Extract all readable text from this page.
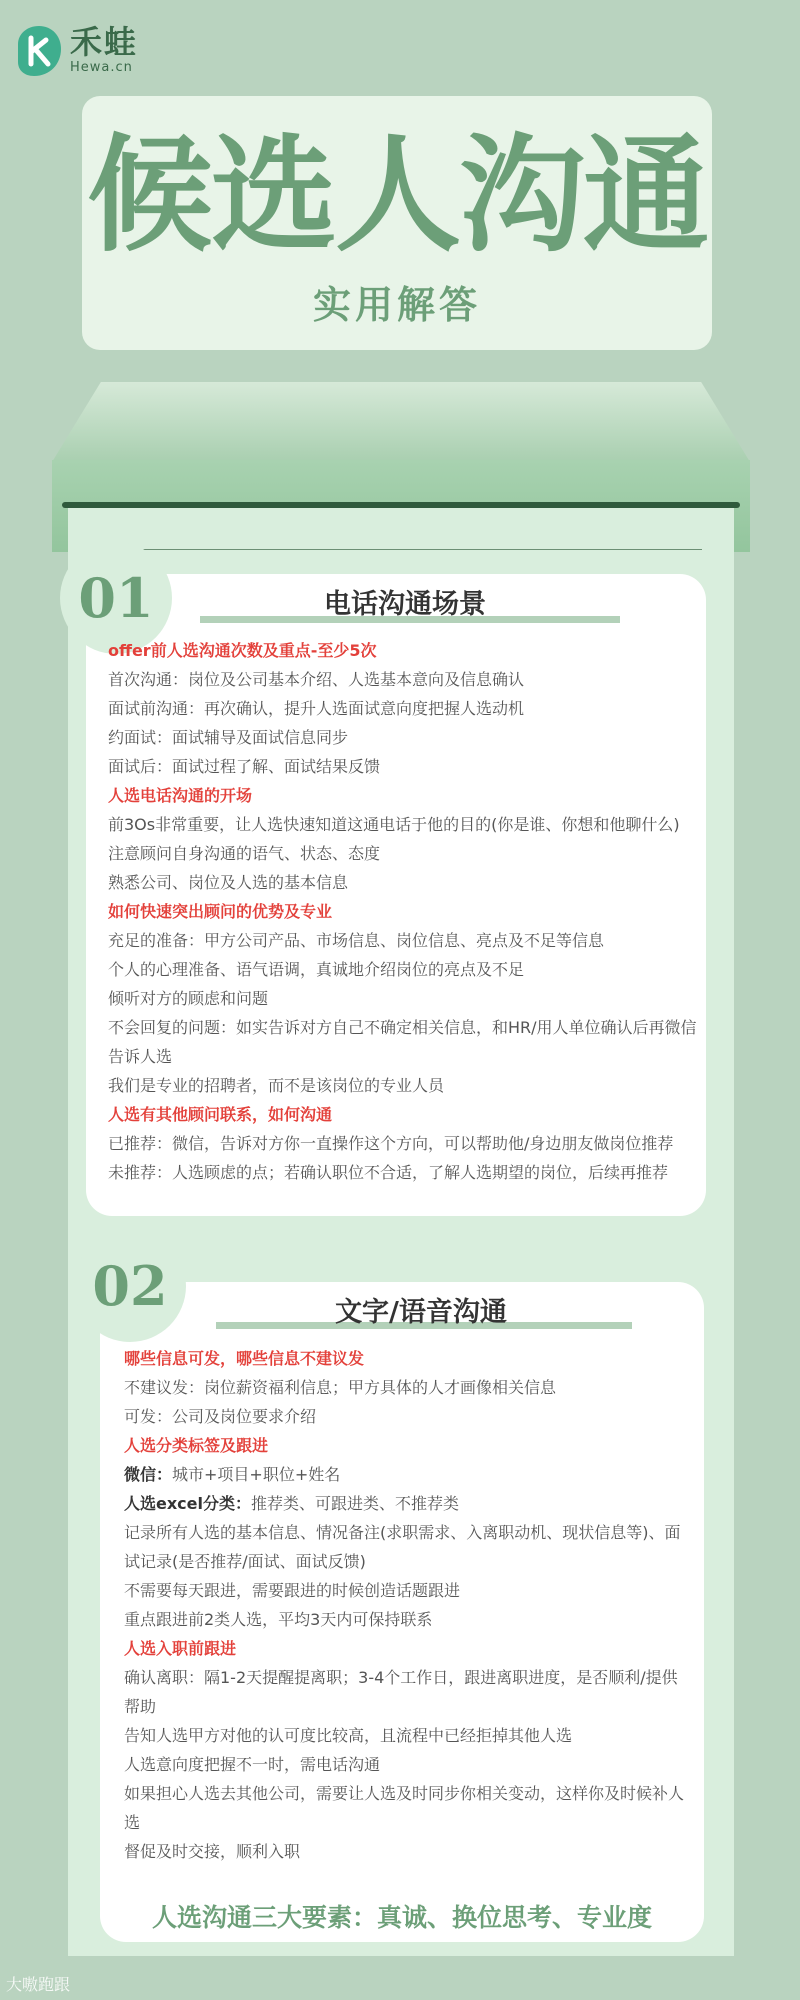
禾蛙
Hewa.cn
候选人沟通
实用解答
01	电话沟通场景
offer前人选沟通次数及重点-至少5次
首次沟通：岗位及公司基本介绍、人选基本意向及信息确认
面试前沟通：再次确认，提升人选面试意向度把握人选动机
约面试：面试辅导及面试信息同步
面试后：面试过程了解、面试结果反馈
人选电话沟通的开场
前3Os非常重要，让人选快速知道这通电话于他的目的(你是谁、你想和他聊什么)
注意顾问自身沟通的语气、状态、态度
熟悉公司、岗位及人选的基本信息
如何快速突出顾问的优势及专业
充足的准备：甲方公司产品、市场信息、岗位信息、亮点及不足等信息
个人的心理准备、语气语调，真诚地介绍岗位的亮点及不足
倾听对方的顾虑和问题
不会回复的问题：如实告诉对方自己不确定相关信息，和HR/用人单位确认后再微信告诉人选
我们是专业的招聘者，而不是该岗位的专业人员
人选有其他顾问联系，如何沟通
已推荐：微信，告诉对方你一直操作这个方向，可以帮助他/身边朋友做岗位推荐
未推荐：人选顾虑的点；若确认职位不合适，了解人选期望的岗位，后续再推荐
02	文字/语音沟通
哪些信息可发，哪些信息不建议发
不建议发：岗位薪资福利信息；甲方具体的人才画像相关信息
可发：公司及岗位要求介绍
人选分类标签及跟进
微信：城市+项目+职位+姓名
人选excel分类：推荐类、可跟进类、不推荐类
记录所有人选的基本信息、情况备注(求职需求、入离职动机、现状信息等)、面试记录(是否推荐/面试、面试反馈)
不需要每天跟进，需要跟进的时候创造话题跟进
重点跟进前2类人选，平均3天内可保持联系
人选入职前跟进
确认离职：隔1-2天提醒提离职；3-4个工作日，跟进离职进度，是否顺利/提供帮助
告知人选甲方对他的认可度比较高，且流程中已经拒掉其他人选
人选意向度把握不一时，需电话沟通
如果担心人选去其他公司，需要让人选及时同步你相关变动，这样你及时候补人选
督促及时交接，顺利入职
人选沟通三大要素：真诚、换位思考、专业度
大嗷跑跟
